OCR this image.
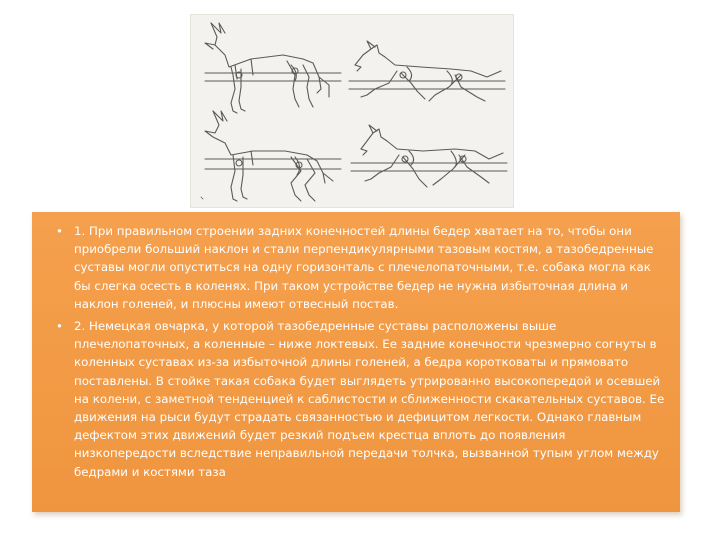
• 1. При правильном строении задних конечностей длины бедер хватает на то, чтобы они приобрели больший наклон и стали перпендикулярными тазовым костям, а тазобедренные суставы могли опуститься на одну горизонталь с плечелопаточными, т.е. собака могла как бы слегка осесть в коленях. При таком устройстве бедер не нужна избыточная длина и наклон голеней, и плюсны имеют отвесный постав.
• 2. Немецкая овчарка, у которой тазобедренные суставы расположены выше плечелопаточных, а коленные – ниже локтевых. Ее задние конечности чрезмерно согнуты в коленных суставах из-за избыточной длины голеней, а бедра коротковаты и прямовато поставлены. В стойке такая собака будет выглядеть утрированно высокопередой и осевшей на колени, с заметной тенденцией к саблистости и сближенности скакательных суставов. Ее движения на рыси будут страдать связанностью и дефицитом легкости. Однако главным дефектом этих движений будет резкий подъем крестца вплоть до появления низкопередости вследствие неправильной передачи толчка, вызванной тупым углом между бедрами и костями таза
